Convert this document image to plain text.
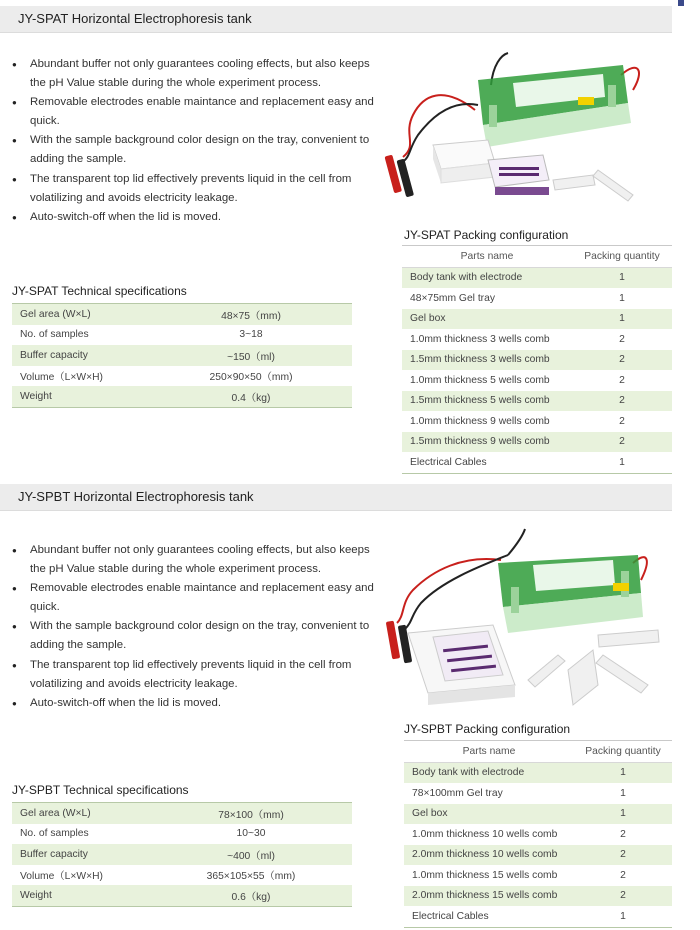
JY-SPAT Horizontal Electrophoresis tank
● Abundant buffer not only guarantees cooling effects, but also keeps the pH Value stable during the whole experiment process.
● Removable electrodes enable maintance and replacement easy and quick.
● With the sample background color design on the tray, convenient to adding the sample.
● The transparent top lid effectively prevents liquid in the cell from volatilizing and avoids electricity leakage.
● Auto-switch-off when the lid is moved.
JY-SPAT Technical specifications
Gel area (W×L)	48×75（mm)
No. of samples	3~18
Buffer capacity	~150（ml)
Volume（L×W×H)	250×90×50（mm)
Weight	0.4（kg)
JY-SPAT Packing configuration
Parts name	Packing quantity
Body tank with electrode	1
48×75mm Gel tray	1
Gel box	1
1.0mm thickness 3 wells comb	2
1.5mm thickness 3 wells comb	2
1.0mm thickness 5 wells comb	2
1.5mm thickness 5 wells comb	2
1.0mm thickness 9 wells comb	2
1.5mm thickness 9 wells comb	2
Electrical Cables	1
JY-SPBT Horizontal Electrophoresis tank
● Abundant buffer not only guarantees cooling effects, but also keeps the pH Value stable during the whole experiment process.
● Removable electrodes enable maintance and replacement easy and quick.
● With the sample background color design on the tray, convenient to adding the sample.
● The transparent top lid effectively prevents liquid in the cell from volatilizing and avoids electricity leakage.
● Auto-switch-off when the lid is moved.
JY-SPBT Technical specifications
Gel area (W×L)	78×100（mm)
No. of samples	10~30
Buffer capacity	~400（ml)
Volume（L×W×H)	365×105×55（mm)
Weight	0.6（kg)
JY-SPBT Packing configuration
Parts name	Packing quantity
Body tank with electrode	1
78×100mm Gel tray	1
Gel box	1
1.0mm thickness 10 wells comb	2
2.0mm thickness 10 wells comb	2
1.0mm thickness 15 wells comb	2
2.0mm thickness 15 wells comb	2
Electrical Cables	1
